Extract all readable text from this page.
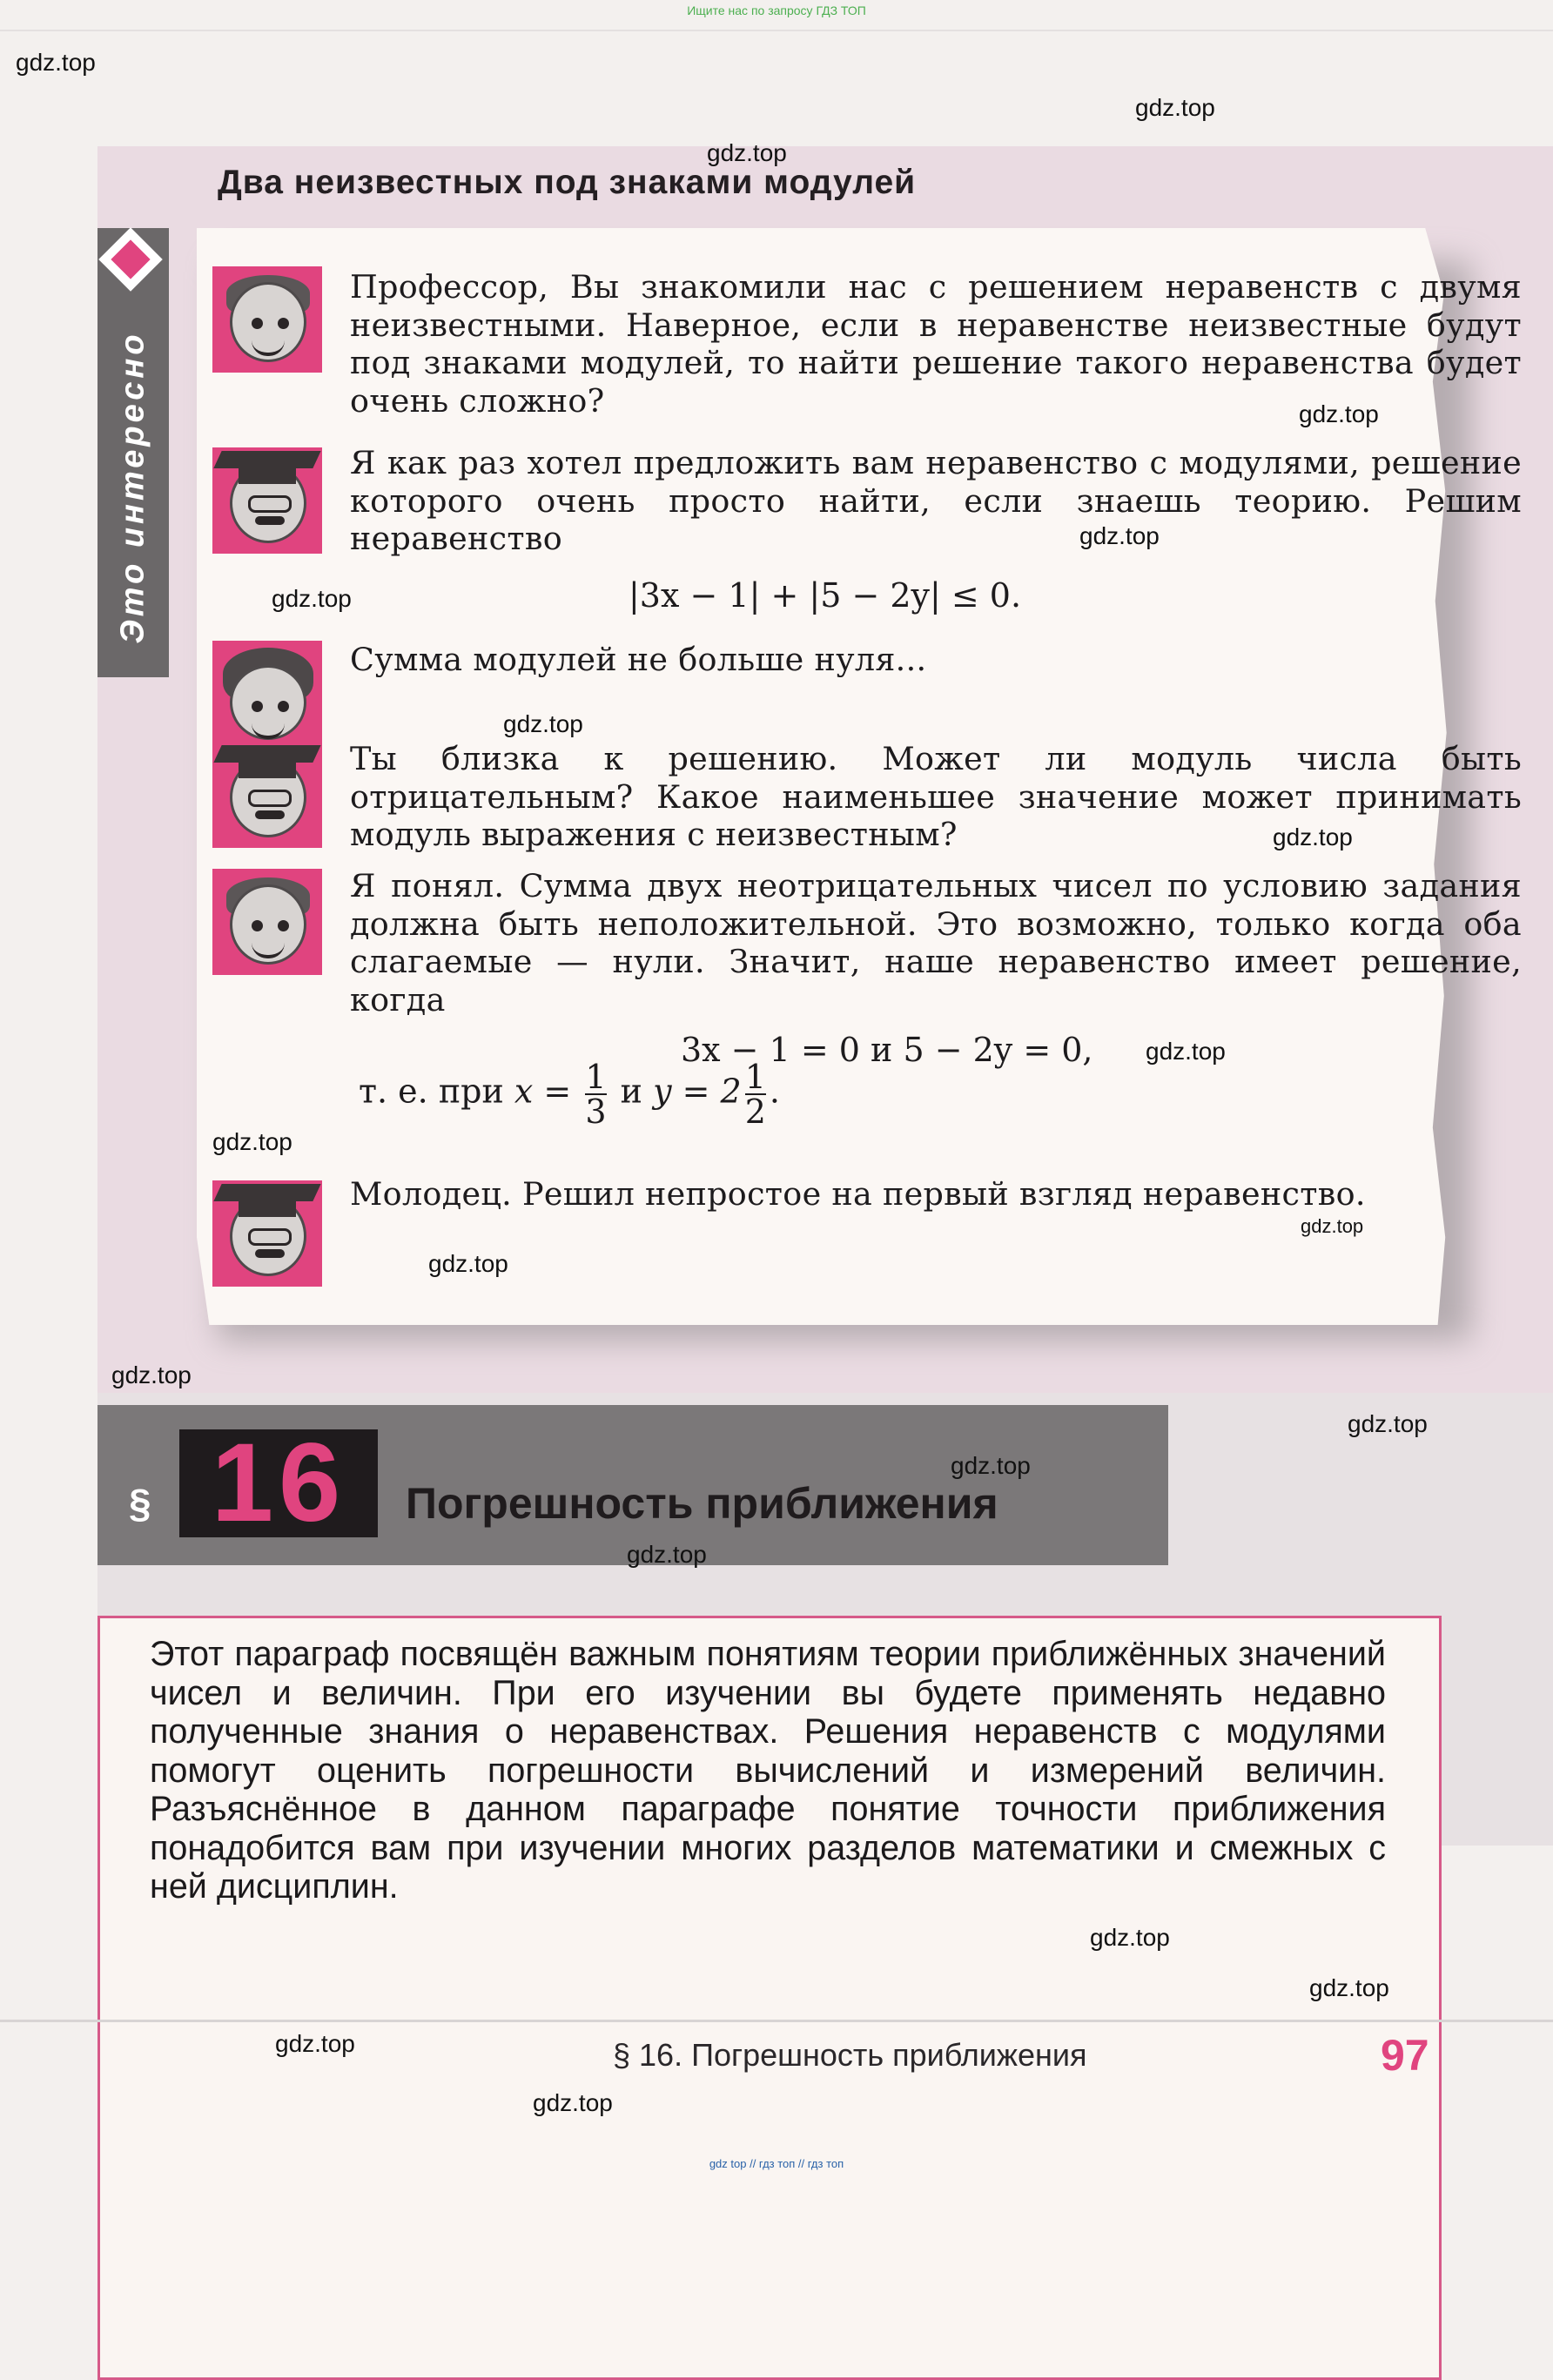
Ищите нас по запросу ГДЗ ТОП
Это интересно
Два неизвестных под знаками модулей
Профессор, Вы знакомили нас с решением неравенств с двумя неизвестными. Наверное, если в неравенстве неизвестные будут под знаками модулей, то найти решение такого неравенства будет очень сложно?
Я как раз хотел предложить вам неравенство с модулями, решение которого очень просто найти, если знаешь теорию. Решим неравенство
|3x − 1| + |5 − 2y| ≤ 0.
Сумма модулей не больше нуля...
Ты близка к решению. Может ли модуль числа быть отрицательным? Какое наименьшее значение может принимать модуль выражения с неизвестным?
Я понял. Сумма двух неотрицательных чисел по условию задания должна быть неположительной. Это возможно, только когда оба слагаемые — нули. Значит, наше неравенство имеет решение, когда
3x − 1 = 0 и 5 − 2y = 0,
т. е. при $x = \frac{1}{3}$ и $y = 2 \frac{1}{2}$ .
Молодец. Решил непростое на первый взгляд неравенство.
§ 16	Погрешность приближения
Этот параграф посвящён важным понятиям теории приближённых значений чисел и величин. При его изучении вы будете применять недавно полученные знания о неравенствах. Решения неравенств с модулями помогут оценить погрешности вычислений и измерений величин. Разъяснённое в данном параграфе понятие точности приближения понадобится вам при изучении многих разделов математики и смежных с ней дисциплин.
§ 16. Погрешность приближения	97
gdz.top
gdz.top
gdz.top
gdz.top
gdz.top
gdz.top
gdz.top
gdz.top
gdz.top
gdz.top
gdz.top
gdz.top
gdz.top
gdz.top
gdz.top
gdz.top
gdz.top
gdz.top
gdz.top
gdz.top
gdz top // гдз топ // гдз топ
